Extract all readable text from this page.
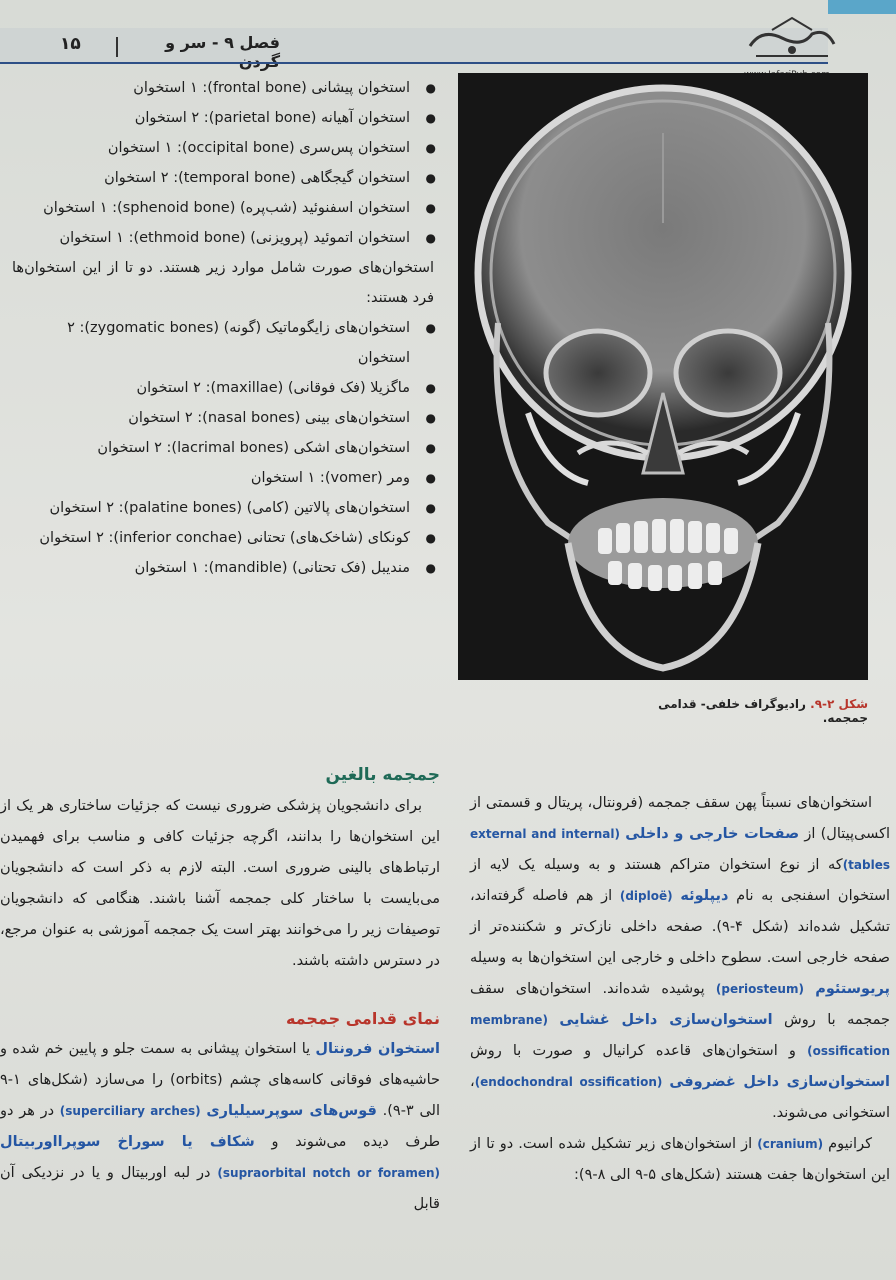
۱۵	فصل ۹ - سر و
شکل ۲-۹. رادیوگراف خلفی- قدامی جمجمه.
● استخوان پیشانی (frontal bone): ۱ استخوان
● استخوان آهیانه (parietal bone): ۲ استخوان
● استخوان پس‌سری (occipital bone): ۱ استخوان
● استخوان گیجگاهی (temporal bone): ۲ استخوان
● استخوان اسفنوئید (شب‌پره) (sphenoid bone): ۱ استخوان
● استخوان اتموئید (پرویزنی) (ethmoid bone): ۱ استخوان
استخوان‌های صورت شامل موارد زیر هستند. دو تا از این استخوان‌ها فرد هستند:
● استخوان‌های زایگوماتیک (گونه) (zygomatic bones): ۲ استخوان
● ماگزیلا (فک فوقانی) (maxillae): ۲ استخوان
● استخوان‌های بینی (nasal bones): ۲ استخوان
● استخوان‌های اشکی (lacrimal bones): ۲ استخوان
● ومر (vomer): ۱ استخوان
● استخوان‌های پالاتین (کامی) (palatine bones): ۲ استخوان
● کونکای (شاخک‌های) تحتانی (inferior conchae): ۲ استخوان
● مندیبل (فک تحتانی) (mandible): ۱ استخوان

استخوان‌های نسبتاً پهن سقف جمجمه (فرونتال، پریتال و قسمتی از اکسی‌پیتال) از صفحات خارجی و داخلی (external and internal tables)که از نوع استخوان متراکم هستند و به وسیله یک لایه از استخوان اسفنجی به نام دیپلوئه (diploë) از هم فاصله گرفته‌اند، تشکیل شده‌اند (شکل ۴-۹). صفحه داخلی نازک‌تر و شکننده‌تر از صفحه خارجی است. سطوح داخلی و خارجی این استخوان‌ها به وسیله پریوستئوم (periosteum) پوشیده شده‌اند. استخوان‌های سقف جمجمه با روش استخوان‌سازی داخل غشایی (membrane ossification) و استخوان‌های قاعده کرانیال و صورت با روش استخوان‌سازی داخل غضروفی (endochondral ossification)، استخوانی می‌شوند.

کرانیوم (cranium) از استخوان‌های زیر تشکیل شده است. دو تا از این استخوان‌ها جفت هستند (شکل‌های ۵-۹ الی ۸-۹):

جمجمه بالغین

برای دانشجویان پزشکی ضروری نیست که جزئیات ساختاری هر یک از این استخوان‌ها را بدانند، اگرچه جزئیات کافی و مناسب برای فهمیدن ارتباط‌های بالینی ضروری است. البته لازم به ذکر است که دانشجویان می‌بایست با ساختار کلی جمجمه آشنا باشند. هنگامی که دانشجویان توصیفات زیر را می‌خوانند بهتر است یک جمجمه آموزشی به عنوان مرجع، در دسترس داشته باشند.

نمای قدامی جمجمه

استخوان فرونتال یا استخوان پیشانی به سمت جلو و پایین خم شده و حاشیه‌های فوقانی کاسه‌های چشم (orbits) را می‌سازد (شکل‌های ۱-۹ الی ۳-۹). قوس‌های سوپرسیلیاری (superciliary arches) در هر دو طرف دیده می‌شوند و شکاف یا سوراخ سوپرااوربیتال (supraorbital notch or foramen) در لبه اوربیتال و یا در نزدیکی آن قابل
